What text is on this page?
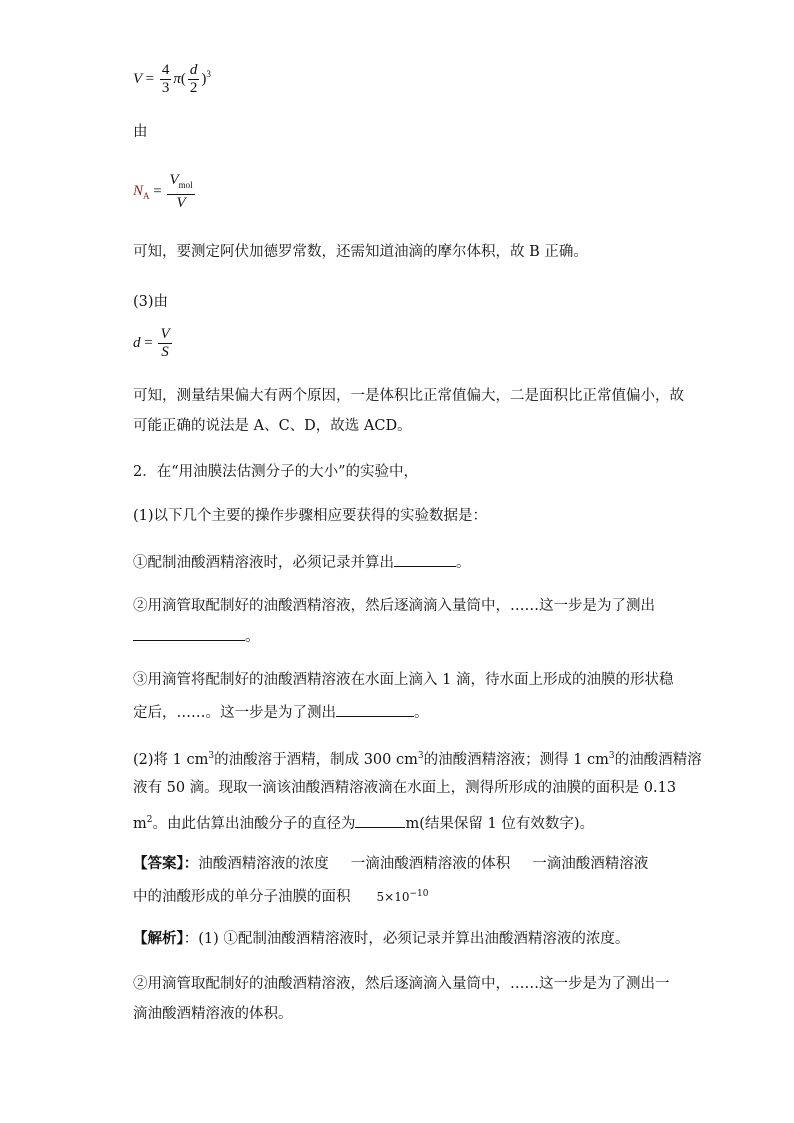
$V = \frac{4}{3} \pi( \frac{d}{2} )^3$
由
$N_A = \frac{V_{mol}}{V}$
可知，要测定阿伏加德罗常数，还需知道油滴的摩尔体积，故 B 正确。
(3)由
$d = \frac{V}{S}$
可知，测量结果偏大有两个原因，一是体积比正常值偏大，二是面积比正常值偏小，故
可能正确的说法是 A、C、D，故选 ACD。
2．在“用油膜法估测分子的大小”的实验中，
(1)以下几个主要的操作步骤相应要获得的实验数据是：
①配制油酸酒精溶液时，必须记录并算出	。
②用滴管取配制好的油酸酒精溶液，然后逐滴滴入量筒中，……这一步是为了测出
。
③用滴管将配制好的油酸酒精溶液在水面上滴入 1 滴，待水面上形成的油膜的形状稳
定后，……。这一步是为了测出	。
(2)将 1 $cm^3$的油酸溶于酒精，制成 300 $cm^3$的油酸酒精溶液；测得 1 $cm^3$的油酸酒精溶
液有 50 滴。现取一滴该油酸酒精溶液滴在水面上，测得所形成的油膜的面积是 0.13
$m^2$。由此估算出油酸分子的直径为	m(结果保留 1 位有效数字)。
【答案】：油酸酒精溶液的浓度 一滴油酸酒精溶液的体积 一滴油酸酒精溶液
中的油酸形成的单分子油膜的面积 $5\times 10^{-10}$
【解析】：(1) ①配制油酸酒精溶液时，必须记录并算出油酸酒精溶液的浓度。
②用滴管取配制好的油酸酒精溶液，然后逐滴滴入量筒中，……这一步是为了测出一
滴油酸酒精溶液的体积。
